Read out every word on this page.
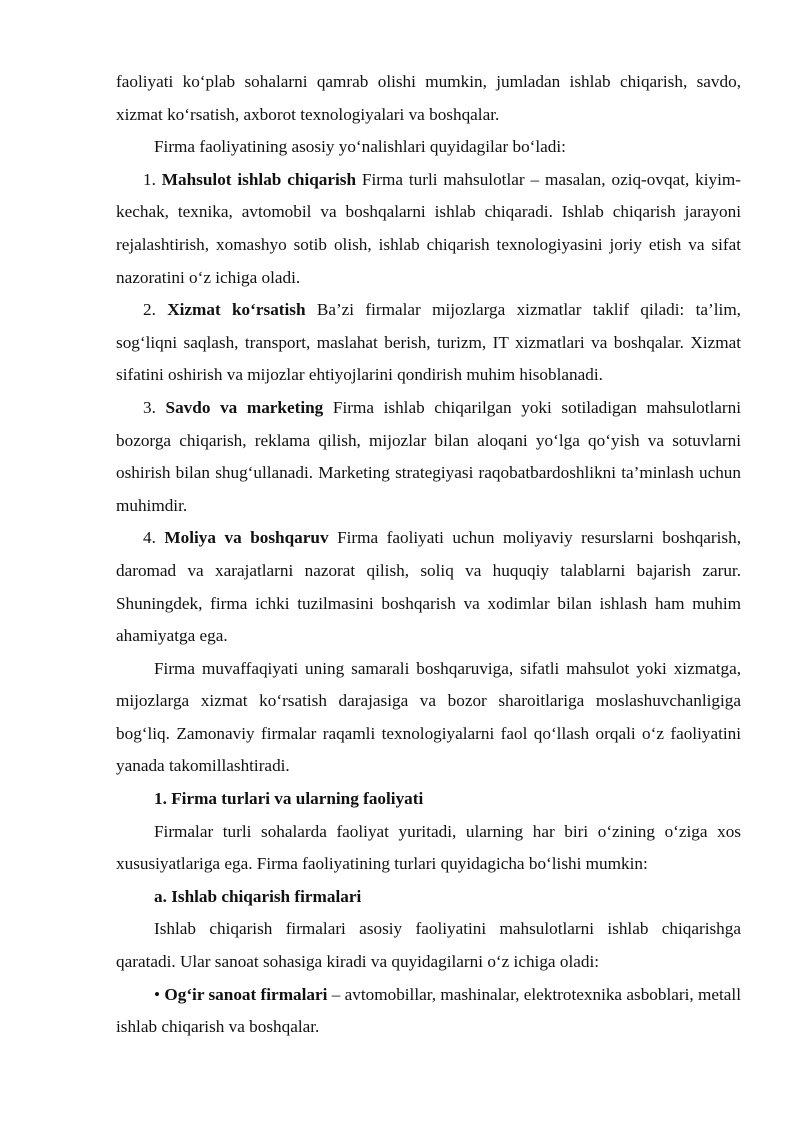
faoliyati ko‘plab sohalarni qamrab olishi mumkin, jumladan ishlab chiqarish, savdo, xizmat ko‘rsatish, axborot texnologiyalari va boshqalar.

Firma faoliyatining asosiy yo‘nalishlari quyidagilar bo‘ladi:

1. Mahsulot ishlab chiqarish Firma turli mahsulotlar – masalan, oziq-ovqat, kiyim-kechak, texnika, avtomobil va boshqalarni ishlab chiqaradi. Ishlab chiqarish jarayoni rejalashtirish, xomashyo sotib olish, ishlab chiqarish texnologiyasini joriy etish va sifat nazoratini o‘z ichiga oladi.

2. Xizmat ko‘rsatish Ba’zi firmalar mijozlarga xizmatlar taklif qiladi: ta’lim, sog‘liqni saqlash, transport, maslahat berish, turizm, IT xizmatlari va boshqalar. Xizmat sifatini oshirish va mijozlar ehtiyojlarini qondirish muhim hisoblanadi.

3. Savdo va marketing Firma ishlab chiqarilgan yoki sotiladigan mahsulotlarni bozorga chiqarish, reklama qilish, mijozlar bilan aloqani yo‘lga qo‘yish va sotuvlarni oshirish bilan shug‘ullanadi. Marketing strategiyasi raqobatbardoshlikni ta’minlash uchun muhimdir.

4. Moliya va boshqaruv Firma faoliyati uchun moliyaviy resurslarni boshqarish, daromad va xarajatlarni nazorat qilish, soliq va huquqiy talablarni bajarish zarur. Shuningdek, firma ichki tuzilmasini boshqarish va xodimlar bilan ishlash ham muhim ahamiyatga ega.

Firma muvaffaqiyati uning samarali boshqaruviga, sifatli mahsulot yoki xizmatga, mijozlarga xizmat ko‘rsatish darajasiga va bozor sharoitlariga moslashuvchanligiga bog‘liq. Zamonaviy firmalar raqamli texnologiyalarni faol qo‘llash orqali o‘z faoliyatini yanada takomillashtiradi.

1. Firma turlari va ularning faoliyati

Firmalar turli sohalarda faoliyat yuritadi, ularning har biri o‘zining o‘ziga xos xususiyatlariga ega. Firma faoliyatining turlari quyidagicha bo‘lishi mumkin:

a. Ishlab chiqarish firmalari

Ishlab chiqarish firmalari asosiy faoliyatini mahsulotlarni ishlab chiqarishga qaratadi. Ular sanoat sohasiga kiradi va quyidagilarni o‘z ichiga oladi:

• Og‘ir sanoat firmalari – avtomobillar, mashinalar, elektrotexnika asboblari, metall ishlab chiqarish va boshqalar.
